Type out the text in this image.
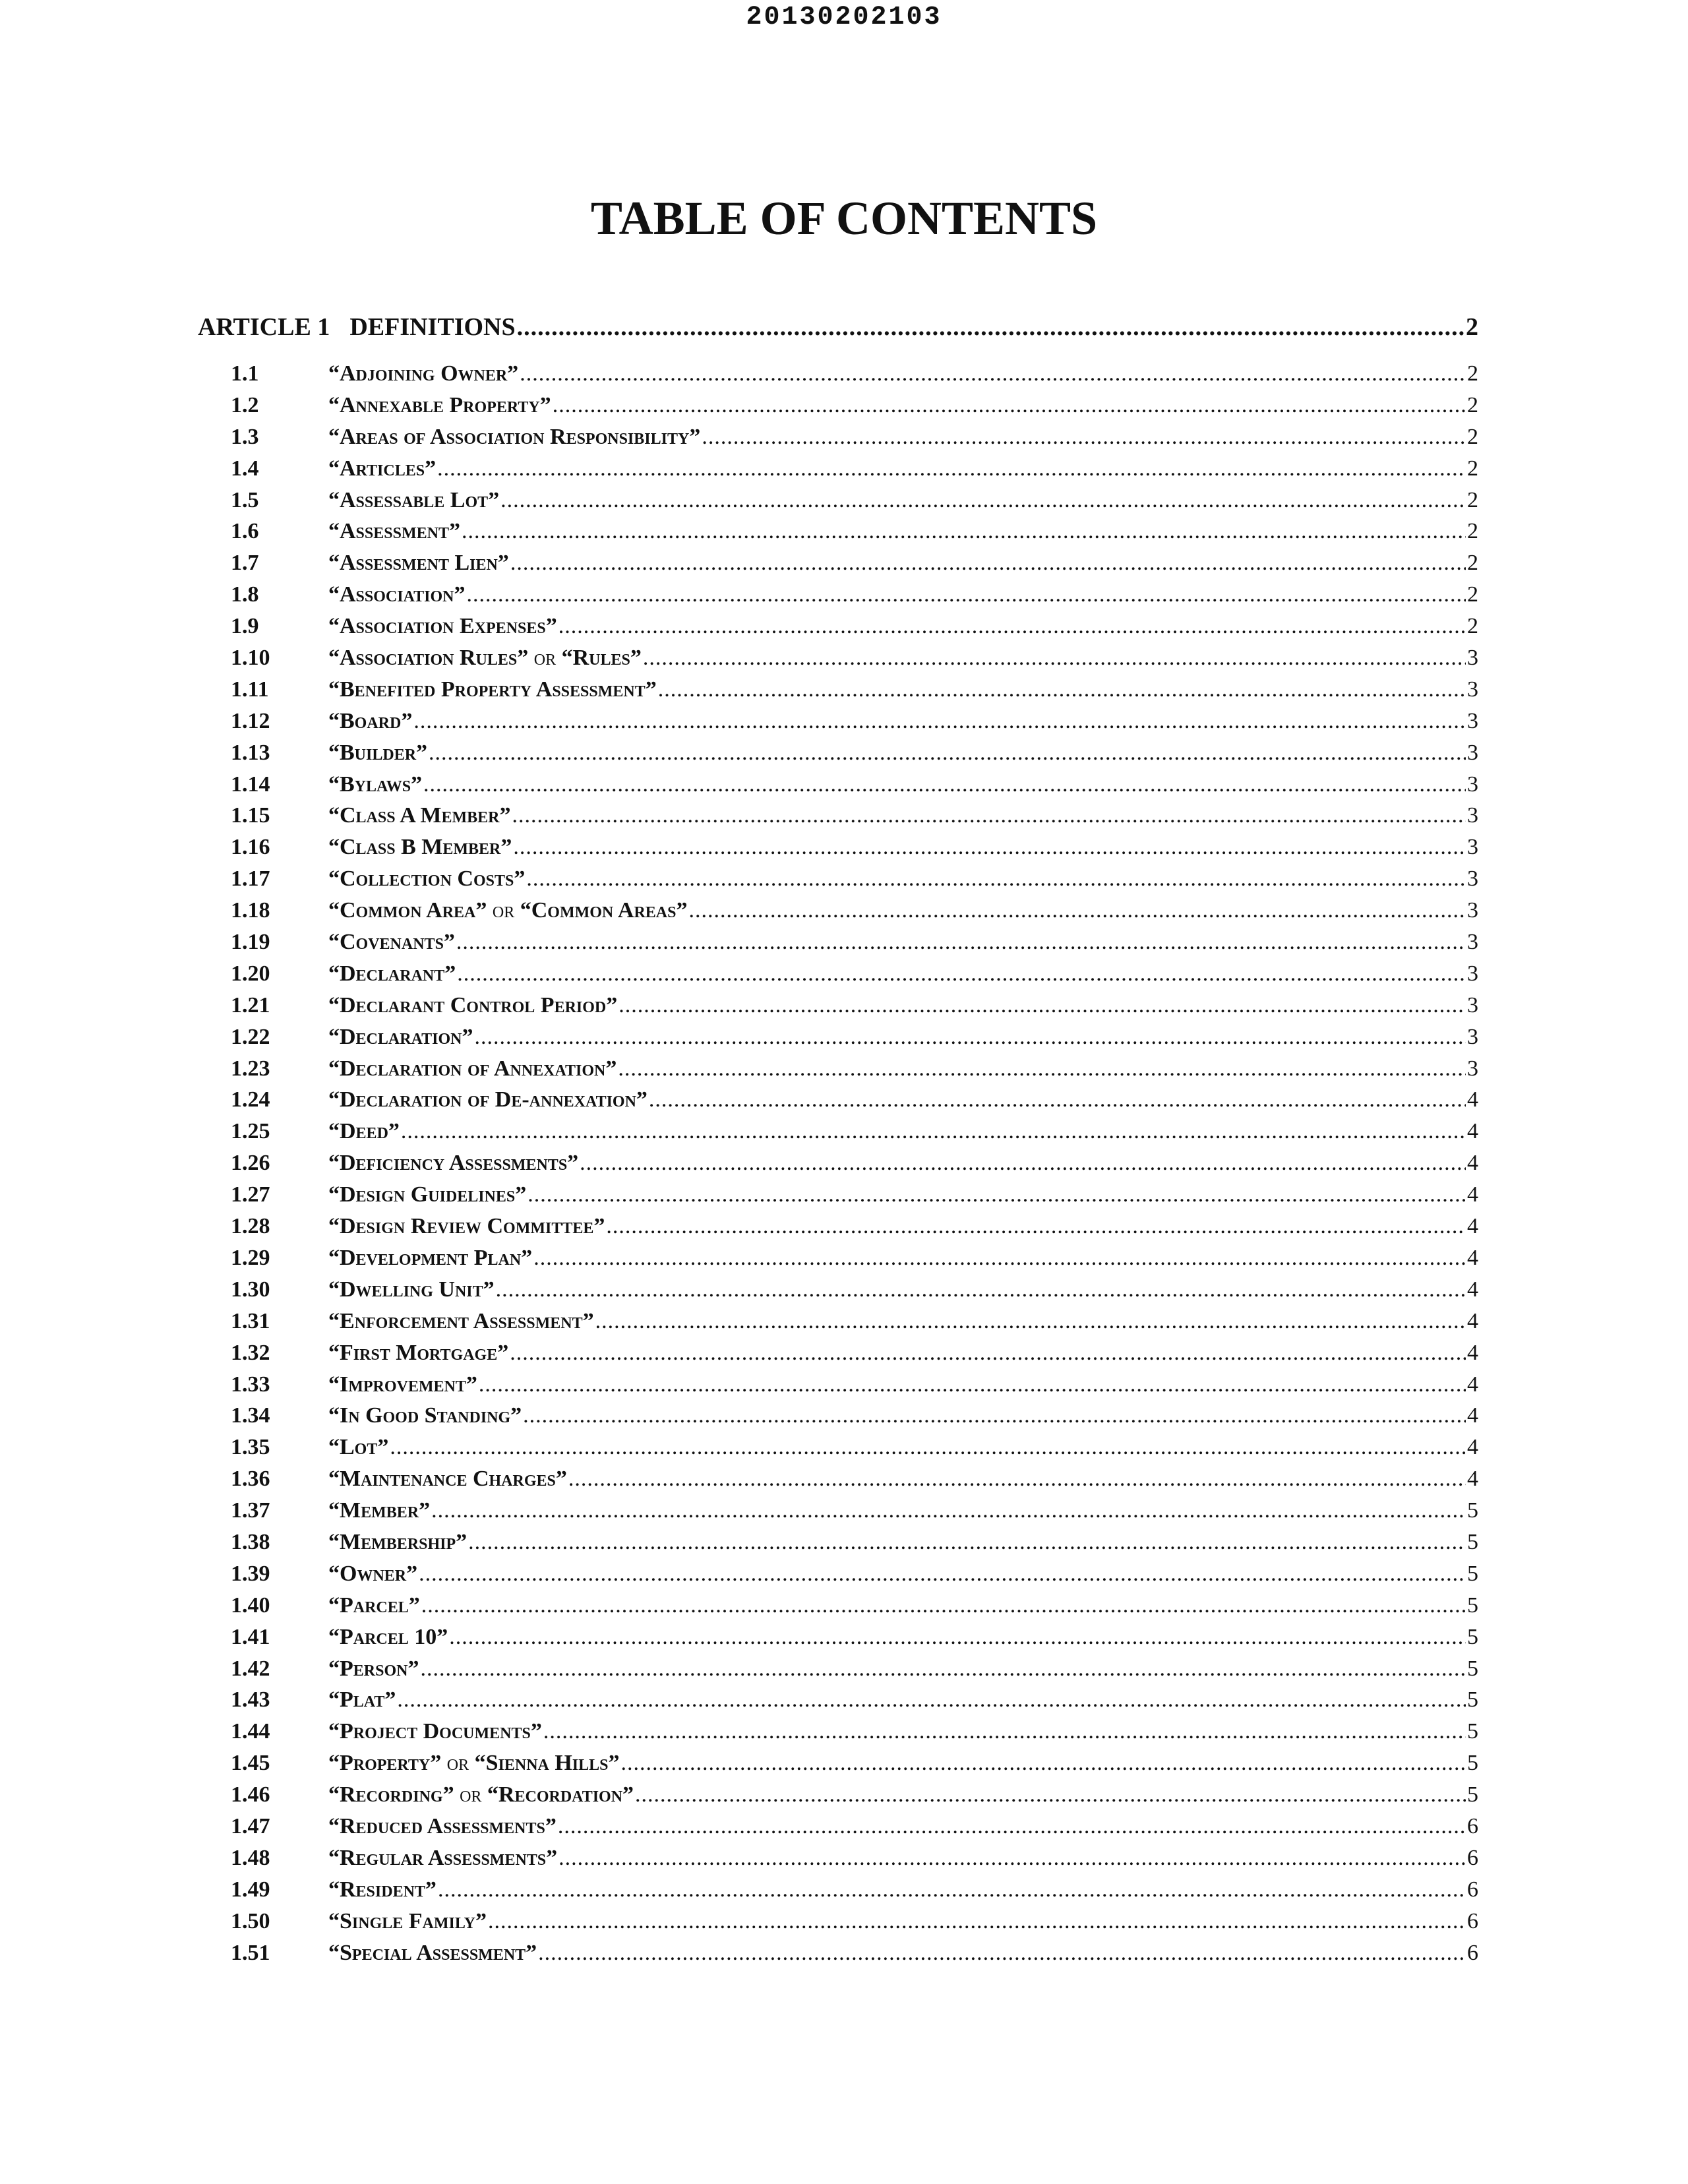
20130202103
TABLE OF CONTENTS
ARTICLE 1 DEFINITIONS .....	2
1.1	“Adjoining Owner” .....	2
1.2	“Annexable Property” .....	2
1.3	“Areas of Association Responsibility” .....	2
1.4	“Articles” .....	2
1.5	“Assessable Lot” .....	2
1.6	“Assessment” .....	2
1.7	“Assessment Lien” .....	2
1.8	“Association” .....	2
1.9	“Association Expenses” .....	2
1.10	“Association Rules” or “Rules” .....	3
1.11	“Benefited Property Assessment” .....	3
1.12	“Board” .....	3
1.13	“Builder” .....	3
1.14	“Bylaws” .....	3
1.15	“Class A Member” .....	3
1.16	“Class B Member” .....	3
1.17	“Collection Costs” .....	3
1.18	“Common Area” or “Common Areas” .....	3
1.19	“Covenants” .....	3
1.20	“Declarant” .....	3
1.21	“Declarant Control Period” .....	3
1.22	“Declaration” .....	3
1.23	“Declaration of Annexation” .....	3
1.24	“Declaration of De-annexation” .....	4
1.25	“Deed” .....	4
1.26	“Deficiency Assessments” .....	4
1.27	“Design Guidelines” .....	4
1.28	“Design Review Committee” .....	4
1.29	“Development Plan” .....	4
1.30	“Dwelling Unit” .....	4
1.31	“Enforcement Assessment” .....	4
1.32	“First Mortgage” .....	4
1.33	“Improvement” .....	4
1.34	“In Good Standing” .....	4
1.35	“Lot” .....	4
1.36	“Maintenance Charges” .....	4
1.37	“Member” .....	5
1.38	“Membership” .....	5
1.39	“Owner” .....	5
1.40	“Parcel” .....	5
1.41	“Parcel 10” .....	5
1.42	“Person” .....	5
1.43	“Plat” .....	5
1.44	“Project Documents” .....	5
1.45	“Property” or “Sienna Hills” .....	5
1.46	“Recording” or “Recordation” .....	5
1.47	“Reduced Assessments” .....	6
1.48	“Regular Assessments” .....	6
1.49	“Resident” .....	6
1.50	“Single Family” .....	6
1.51	“Special Assessment” .....	6
